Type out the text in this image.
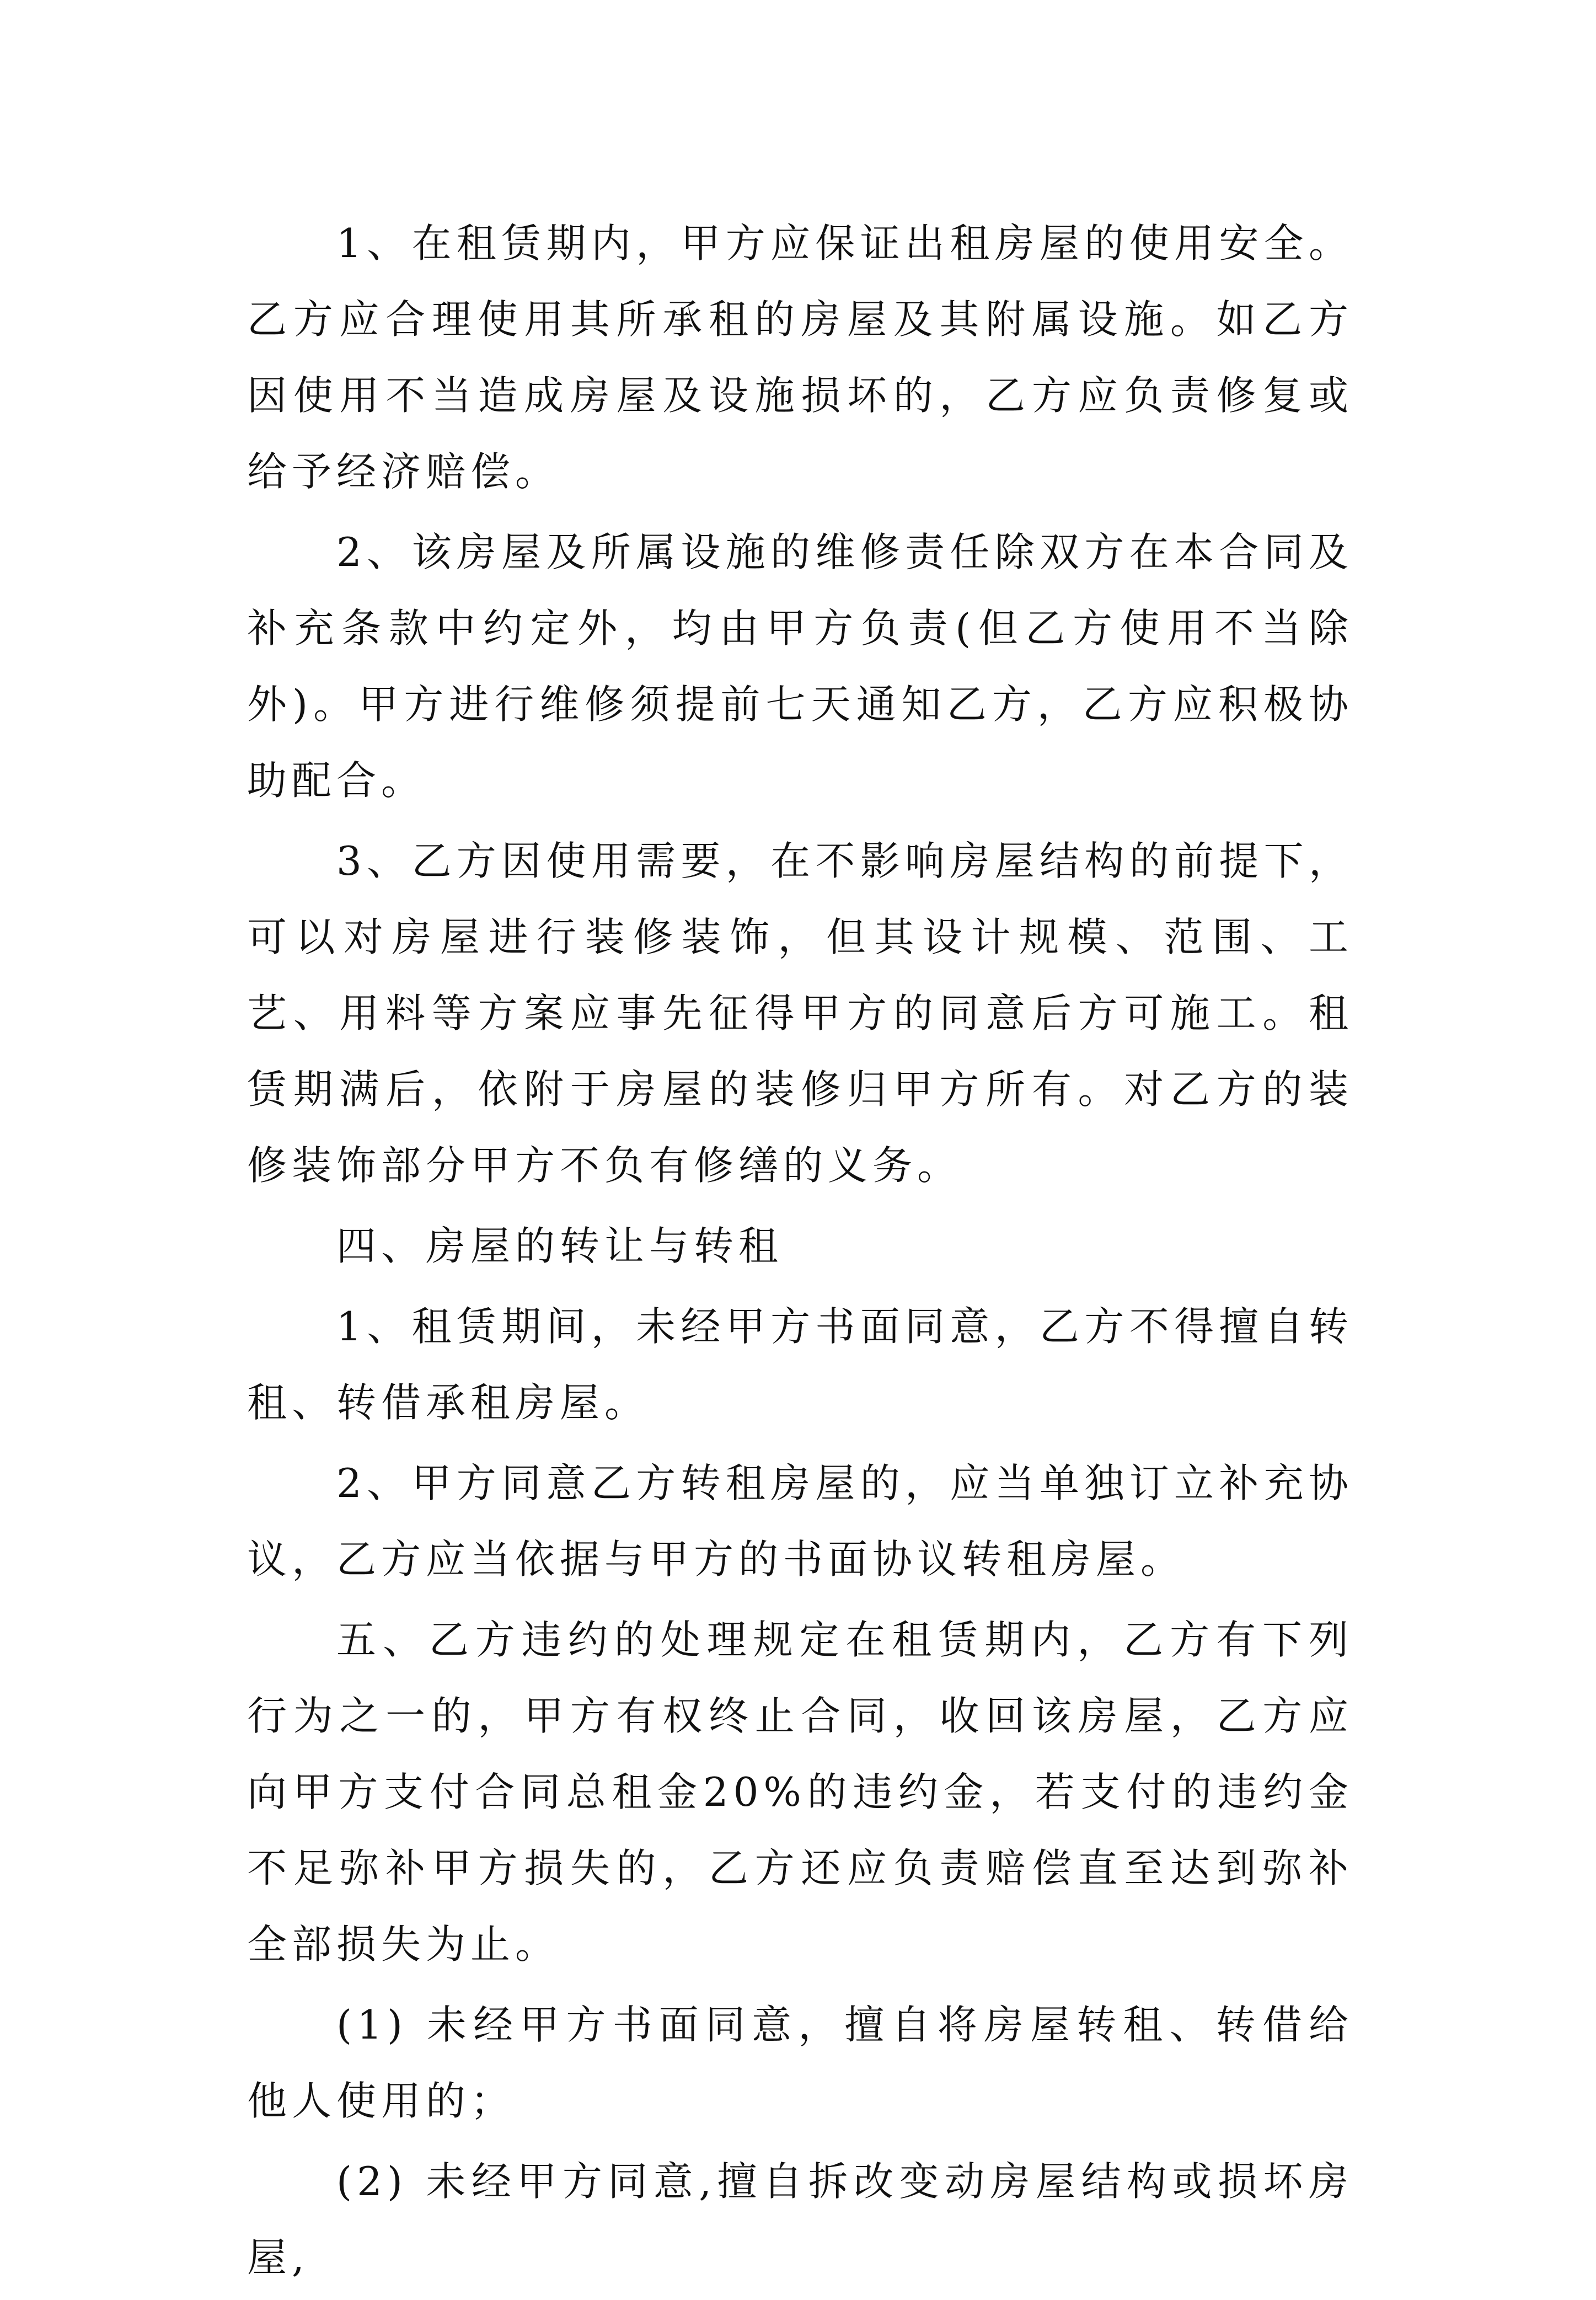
1、在租赁期内，甲方应保证出租房屋的使用安全。乙方应合理使用其所承租的房屋及其附属设施。如乙方因使用不当造成房屋及设施损坏的，乙方应负责修复或给予经济赔偿。

2、该房屋及所属设施的维修责任除双方在本合同及补充条款中约定外，均由甲方负责(但乙方使用不当除外)。甲方进行维修须提前七天通知乙方，乙方应积极协助配合。

3、乙方因使用需要，在不影响房屋结构的前提下，可以对房屋进行装修装饰，但其设计规模、范围、工艺、用料等方案应事先征得甲方的同意后方可施工。租赁期满后，依附于房屋的装修归甲方所有。对乙方的装修装饰部分甲方不负有修缮的义务。

四、房屋的转让与转租

1、租赁期间，未经甲方书面同意，乙方不得擅自转租、转借承租房屋。

2、甲方同意乙方转租房屋的，应当单独订立补充协议，乙方应当依据与甲方的书面协议转租房屋。

五、乙方违约的处理规定在租赁期内，乙方有下列行为之一的，甲方有权终止合同，收回该房屋，乙方应向甲方支付合同总租金20%的违约金，若支付的违约金不足弥补甲方损失的，乙方还应负责赔偿直至达到弥补全部损失为止。

(1) 未经甲方书面同意，擅自将房屋转租、转借给他人使用的；

(2) 未经甲方同意,擅自拆改变动房屋结构或损坏房屋,
